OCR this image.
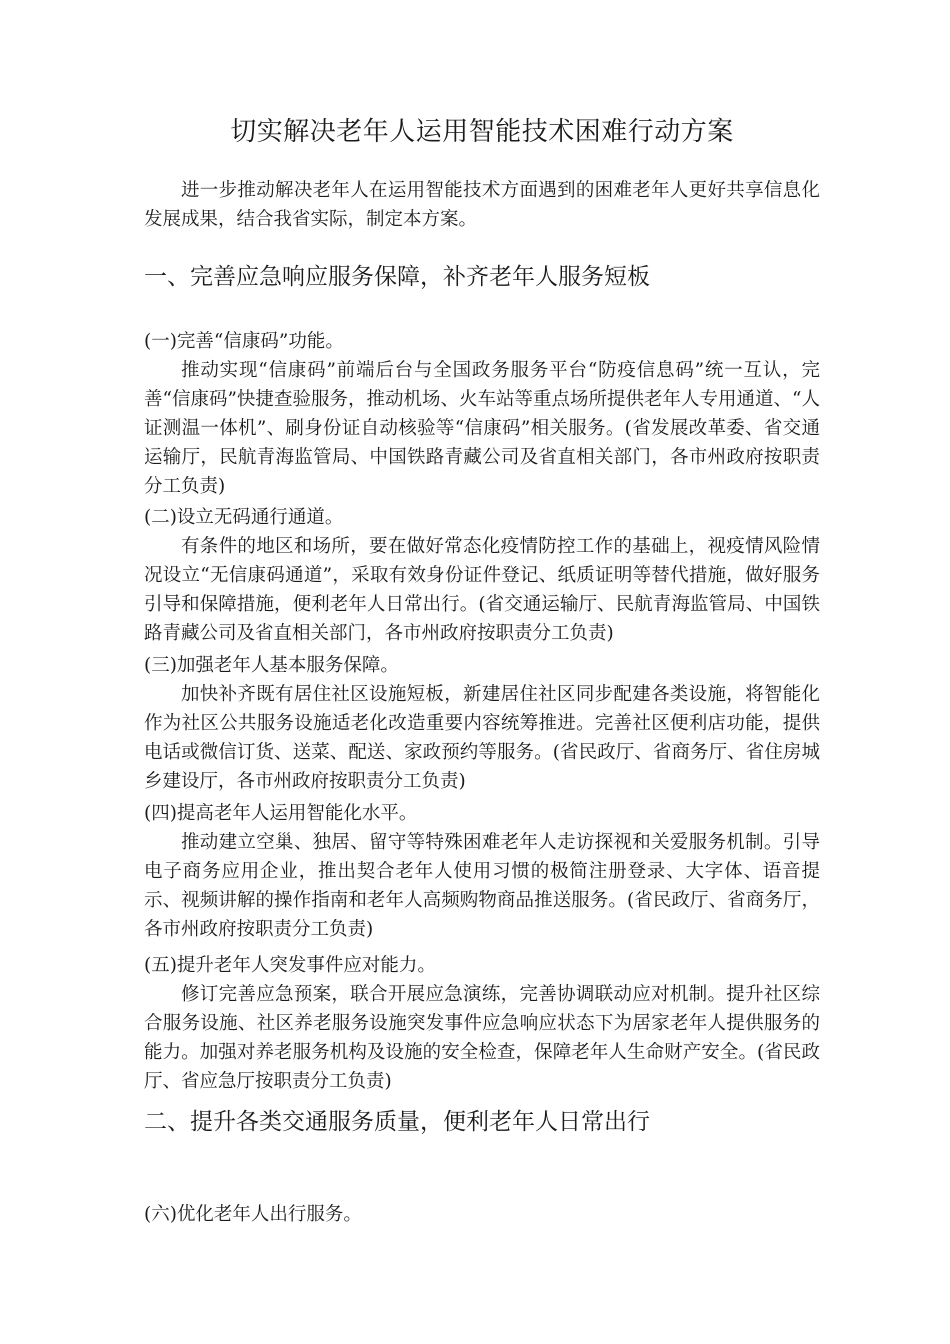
切实解决老年人运用智能技术困难行动方案

进一步推动解决老年人在运用智能技术方面遇到的困难老年人更好共享信息化发展成果，结合我省实际，制定本方案。

一、完善应急响应服务保障，补齐老年人服务短板

(一)完善“信康码”功能。

推动实现“信康码”前端后台与全国政务服务平台“防疫信息码”统一互认，完善“信康码”快捷查验服务，推动机场、火车站等重点场所提供老年人专用通道、“人证测温一体机”、刷身份证自动核验等“信康码”相关服务。(省发展改革委、省交通运输厅，民航青海监管局、中国铁路青藏公司及省直相关部门，各市州政府按职责分工负责)

(二)设立无码通行通道。

有条件的地区和场所，要在做好常态化疫情防控工作的基础上，视疫情风险情况设立“无信康码通道”，采取有效身份证件登记、纸质证明等替代措施，做好服务引导和保障措施，便利老年人日常出行。(省交通运输厅、民航青海监管局、中国铁路青藏公司及省直相关部门，各市州政府按职责分工负责)

(三)加强老年人基本服务保障。

加快补齐既有居住社区设施短板，新建居住社区同步配建各类设施，将智能化作为社区公共服务设施适老化改造重要内容统筹推进。完善社区便利店功能，提供电话或微信订货、送菜、配送、家政预约等服务。(省民政厅、省商务厅、省住房城乡建设厅，各市州政府按职责分工负责)

(四)提高老年人运用智能化水平。

推动建立空巢、独居、留守等特殊困难老年人走访探视和关爱服务机制。引导电子商务应用企业，推出契合老年人使用习惯的极简注册登录、大字体、语音提示、视频讲解的操作指南和老年人高频购物商品推送服务。(省民政厅、省商务厅，各市州政府按职责分工负责)

(五)提升老年人突发事件应对能力。

修订完善应急预案，联合开展应急演练，完善协调联动应对机制。提升社区综合服务设施、社区养老服务设施突发事件应急响应状态下为居家老年人提供服务的能力。加强对养老服务机构及设施的安全检查，保障老年人生命财产安全。(省民政厅、省应急厅按职责分工负责)

二、提升各类交通服务质量，便利老年人日常出行

(六)优化老年人出行服务。
